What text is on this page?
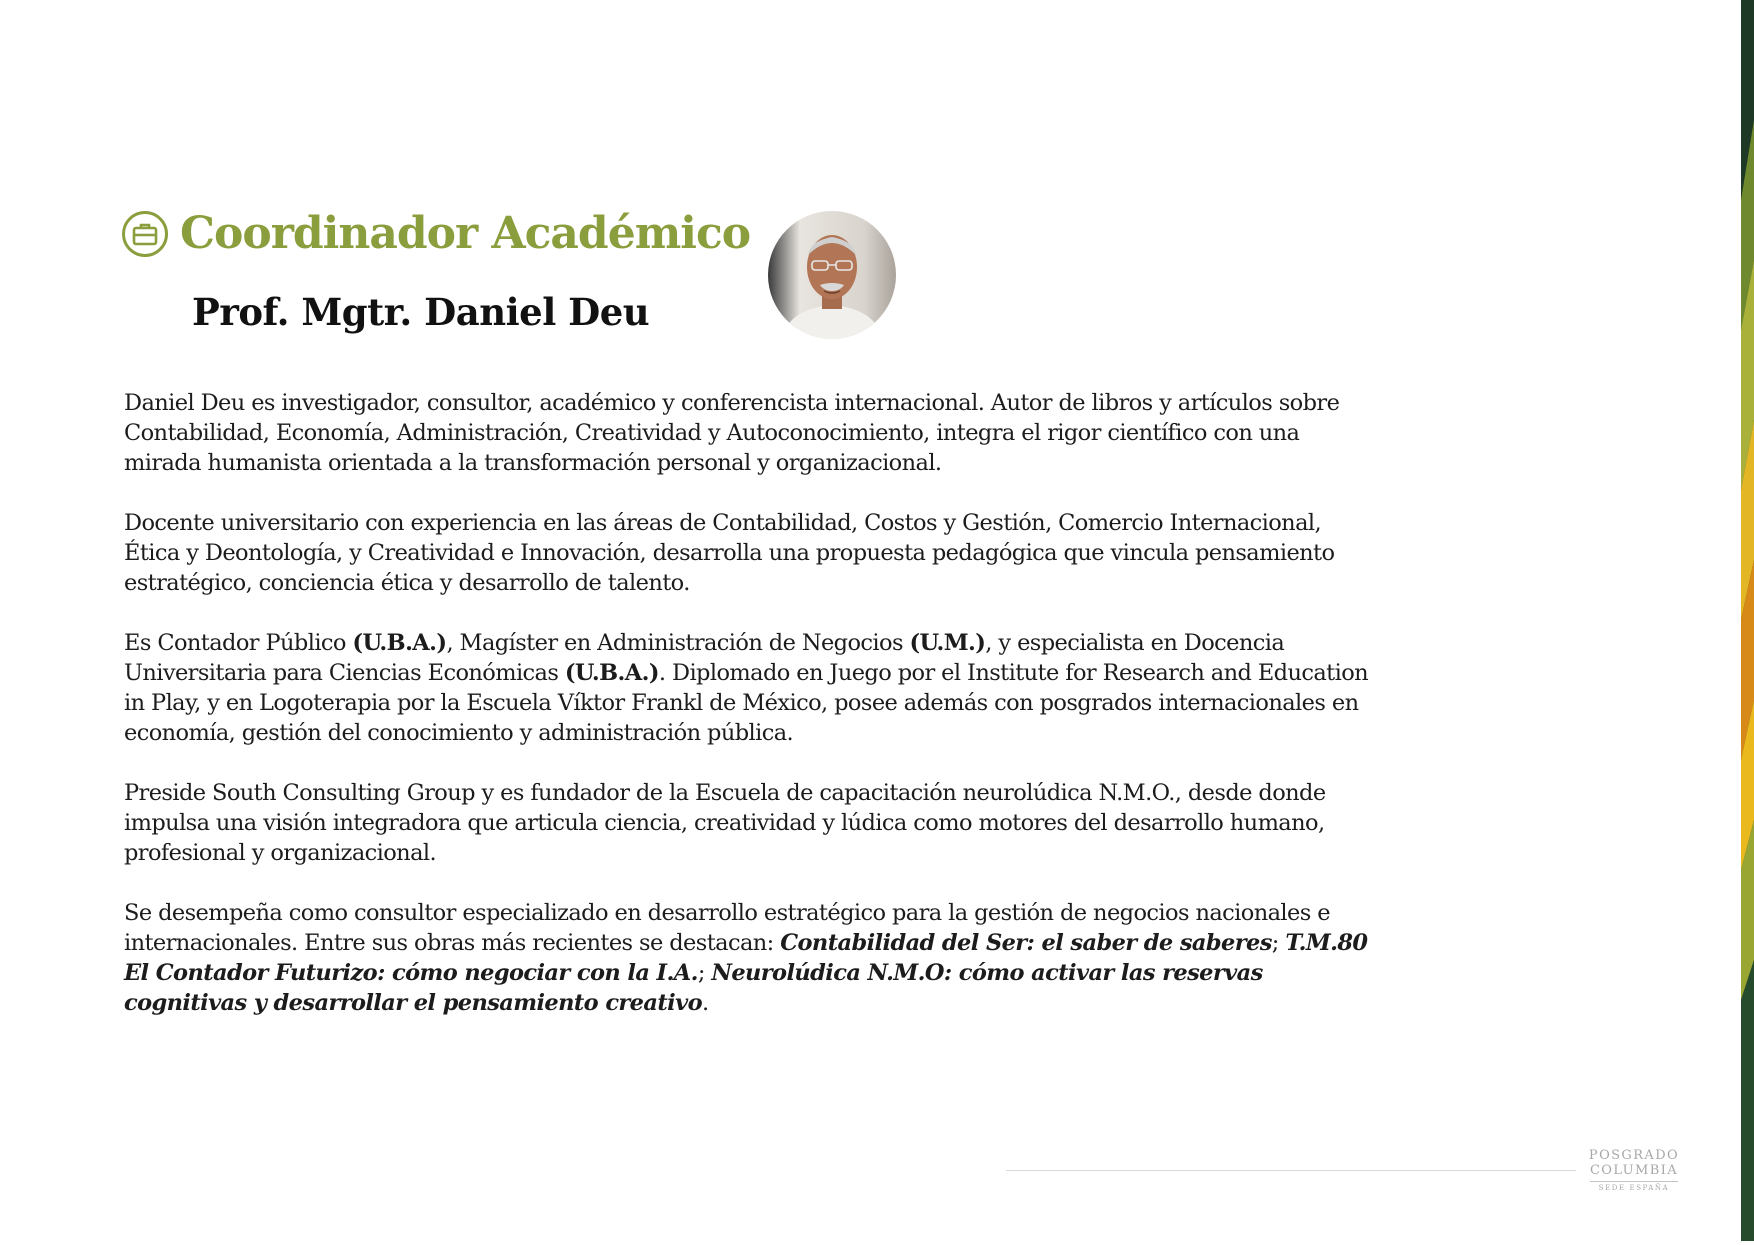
Coordinador Académico
Prof. Mgtr. Daniel Deu

Daniel Deu es investigador, consultor, académico y conferencista internacional. Autor de libros y artículos sobre Contabilidad, Economía, Administración, Creatividad y Autoconocimiento, integra el rigor científico con una mirada humanista orientada a la transformación personal y organizacional.

Docente universitario con experiencia en las áreas de Contabilidad, Costos y Gestión, Comercio Internacional, Ética y Deontología, y Creatividad e Innovación, desarrolla una propuesta pedagógica que vincula pensamiento estratégico, conciencia ética y desarrollo de talento.

Es Contador Público (U.B.A.), Magíster en Administración de Negocios (U.M.), y especialista en Docencia Universitaria para Ciencias Económicas (U.B.A.). Diplomado en Juego por el Institute for Research and Education in Play, y en Logoterapia por la Escuela Víktor Frankl de México, posee además con posgrados internacionales en economía, gestión del conocimiento y administración pública.

Preside South Consulting Group y es fundador de la Escuela de capacitación neurolúdica N.M.O., desde donde impulsa una visión integradora que articula ciencia, creatividad y lúdica como motores del desarrollo humano, profesional y organizacional.

Se desempeña como consultor especializado en desarrollo estratégico para la gestión de negocios nacionales e internacionales. Entre sus obras más recientes se destacan: Contabilidad del Ser: el saber de saberes; T.M.80 El Contador Futurizo: cómo negociar con la I.A.; Neurolúdica N.M.O: cómo activar las reservas cognitivas y desarrollar el pensamiento creativo.

POSGRADO
COLUMBIA
SEDE ESPAÑA
